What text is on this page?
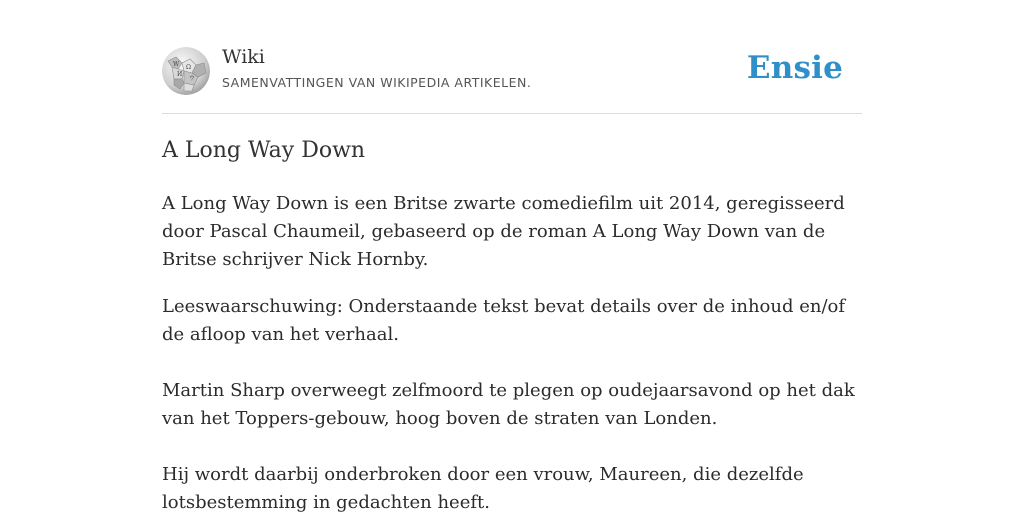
W Ω
И
ウ
Wiki
SAMENVATTINGEN VAN WIKIPEDIA ARTIKELEN.	Ensie
A Long Way Down

A Long Way Down is een Britse zwarte comediefilm uit 2014, geregisseerd door Pascal Chaumeil, gebaseerd op de roman A Long Way Down van de Britse schrijver Nick Hornby.

Leeswaarschuwing: Onderstaande tekst bevat details over de inhoud en/of de afloop van het verhaal.

Martin Sharp overweegt zelfmoord te plegen op oudejaarsavond op het dak van het Toppers-gebouw, hoog boven de straten van Londen.

Hij wordt daarbij onderbroken door een vrouw, Maureen, die dezelfde lotsbestemming in gedachten heeft.
